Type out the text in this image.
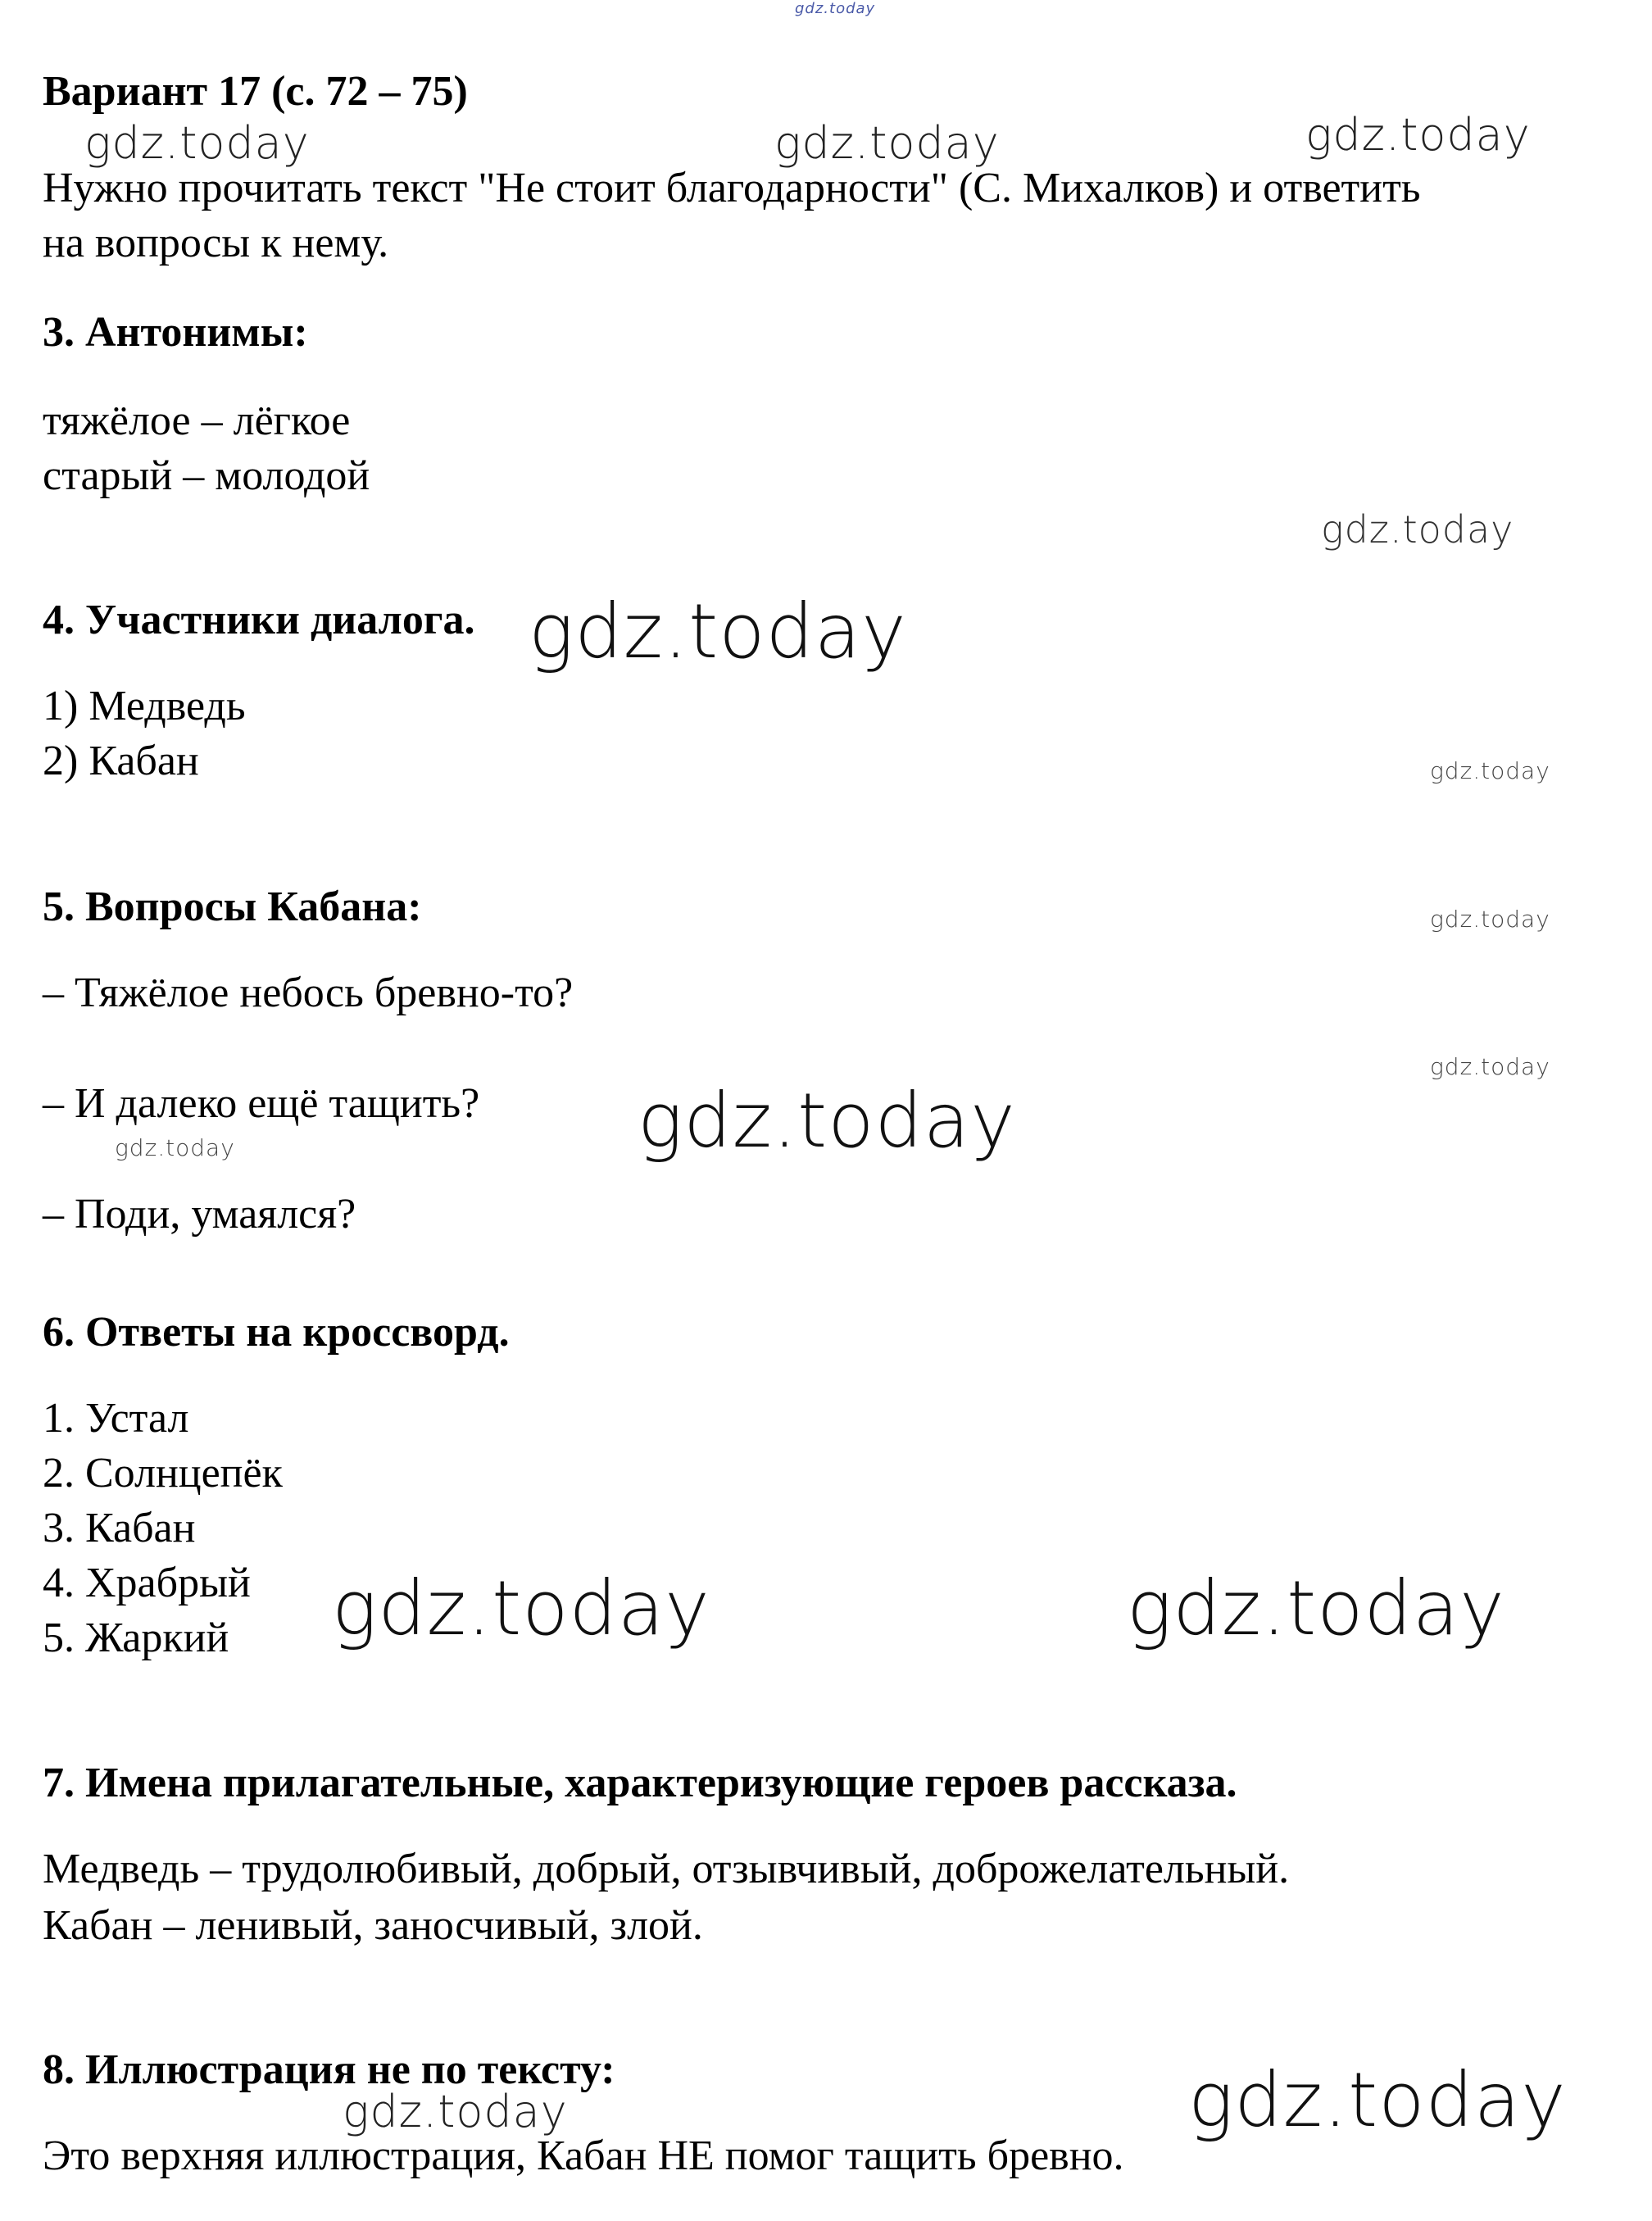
gdz.today

Вариант 17 (с. 72 – 75)

Нужно прочитать текст "Не стоит благодарности" (С. Михалков) и ответить

на вопросы к нему.

3. Антонимы:

тяжёлое – лёгкое

старый – молодой

4. Участники диалога.

1) Медведь

2) Кабан

5. Вопросы Кабана:

– Тяжёлое небось бревно-то?

– И далеко ещё тащить?

– Поди, умаялся?

6. Ответы на кроссворд.

1. Устал

2. Солнцепёк

3. Кабан

4. Храбрый

5. Жаркий

7. Имена прилагательные, характеризующие героев рассказа.

Медведь – трудолюбивый, добрый, отзывчивый, доброжелательный.

Кабан – ленивый, заносчивый, злой.

8. Иллюстрация не по тексту:

Это верхняя иллюстрация, Кабан НЕ помог тащить бревно.

gdz.today	gdz.today	gdz.today

gdz.today

gdz.today

gdz.today

gdz.today

gdz.today

gdz.today

gdz.today

gdz.today	gdz.today

gdz.today	gdz.today
